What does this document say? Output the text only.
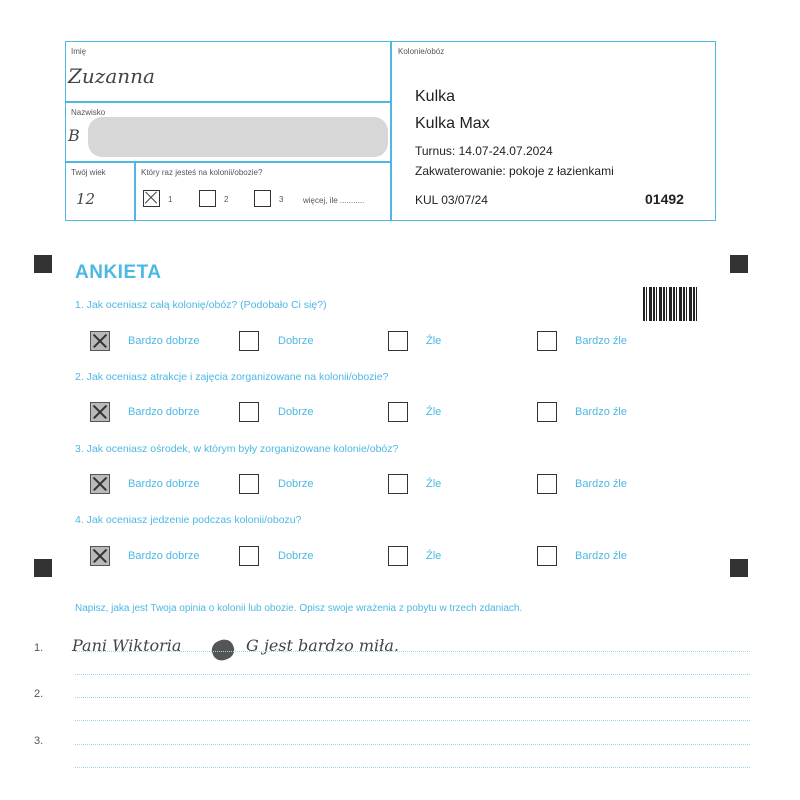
Imię
Zuzanna
Nazwisko
B
Twój wiek
12
Który raz jesteś na kolonii/obozie?
1	2	3 więcej, ile ...........
Kolonie/obóz
Kulka
Kulka Max
Turnus: 14.07-24.07.2024
Zakwaterowanie: pokoje z łazienkami
KUL 03/07/24	01492
ANKIETA
1. Jak oceniasz całą kolonię/obóz? (Podobało Ci się?)
Bardzo dobrze	Dobrze	Źle	Bardzo źle
2. Jak oceniasz atrakcje i zajęcia zorganizowane na kolonii/obozie?
Bardzo dobrze	Dobrze	Źle	Bardzo źle
3. Jak oceniasz ośrodek, w którym były zorganizowane kolonie/obóz?
Bardzo dobrze	Dobrze	Źle	Bardzo źle
4. Jak oceniasz jedzenie podczas kolonii/obozu?
Bardzo dobrze	Dobrze	Źle	Bardzo źle
Napisz, jaka jest Twoja opinia o kolonii lub obozie. Opisz swoje wrażenia z pobytu w trzech zdaniach.
1. Pani Wiktoria	G jest bardzo miła.
2.
3.
